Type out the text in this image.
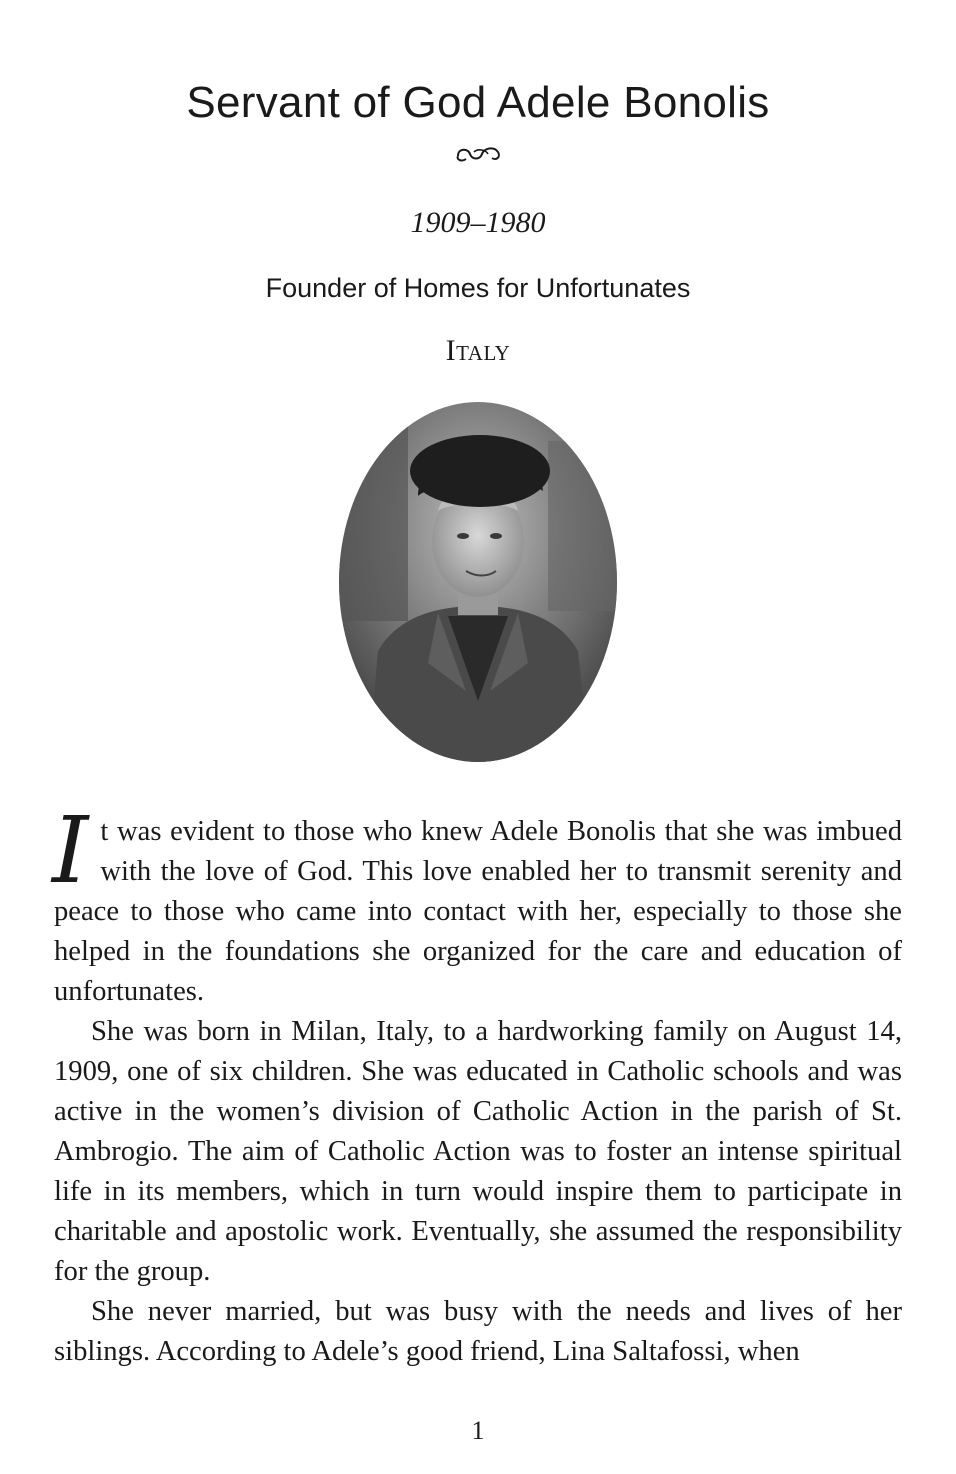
Servant of God Adele Bonolis
1909–1980
Founder of Homes for Unfortunates
Italy

It was evident to those who knew Adele Bonolis that she was imbued with the love of God. This love enabled her to transmit serenity and peace to those who came into contact with her, especially to those she helped in the foundations she organized for the care and education of unfortunates.

She was born in Milan, Italy, to a hardworking family on August 14, 1909, one of six children. She was educated in Catholic schools and was active in the women’s division of Catholic Action in the parish of St. Ambrogio. The aim of Catholic Action was to foster an intense spiritual life in its members, which in turn would inspire them to participate in charitable and apostolic work. Eventually, she assumed the responsibility for the group.

She never married, but was busy with the needs and lives of her siblings. According to Adele’s good friend, Lina Saltafossi, when

1
